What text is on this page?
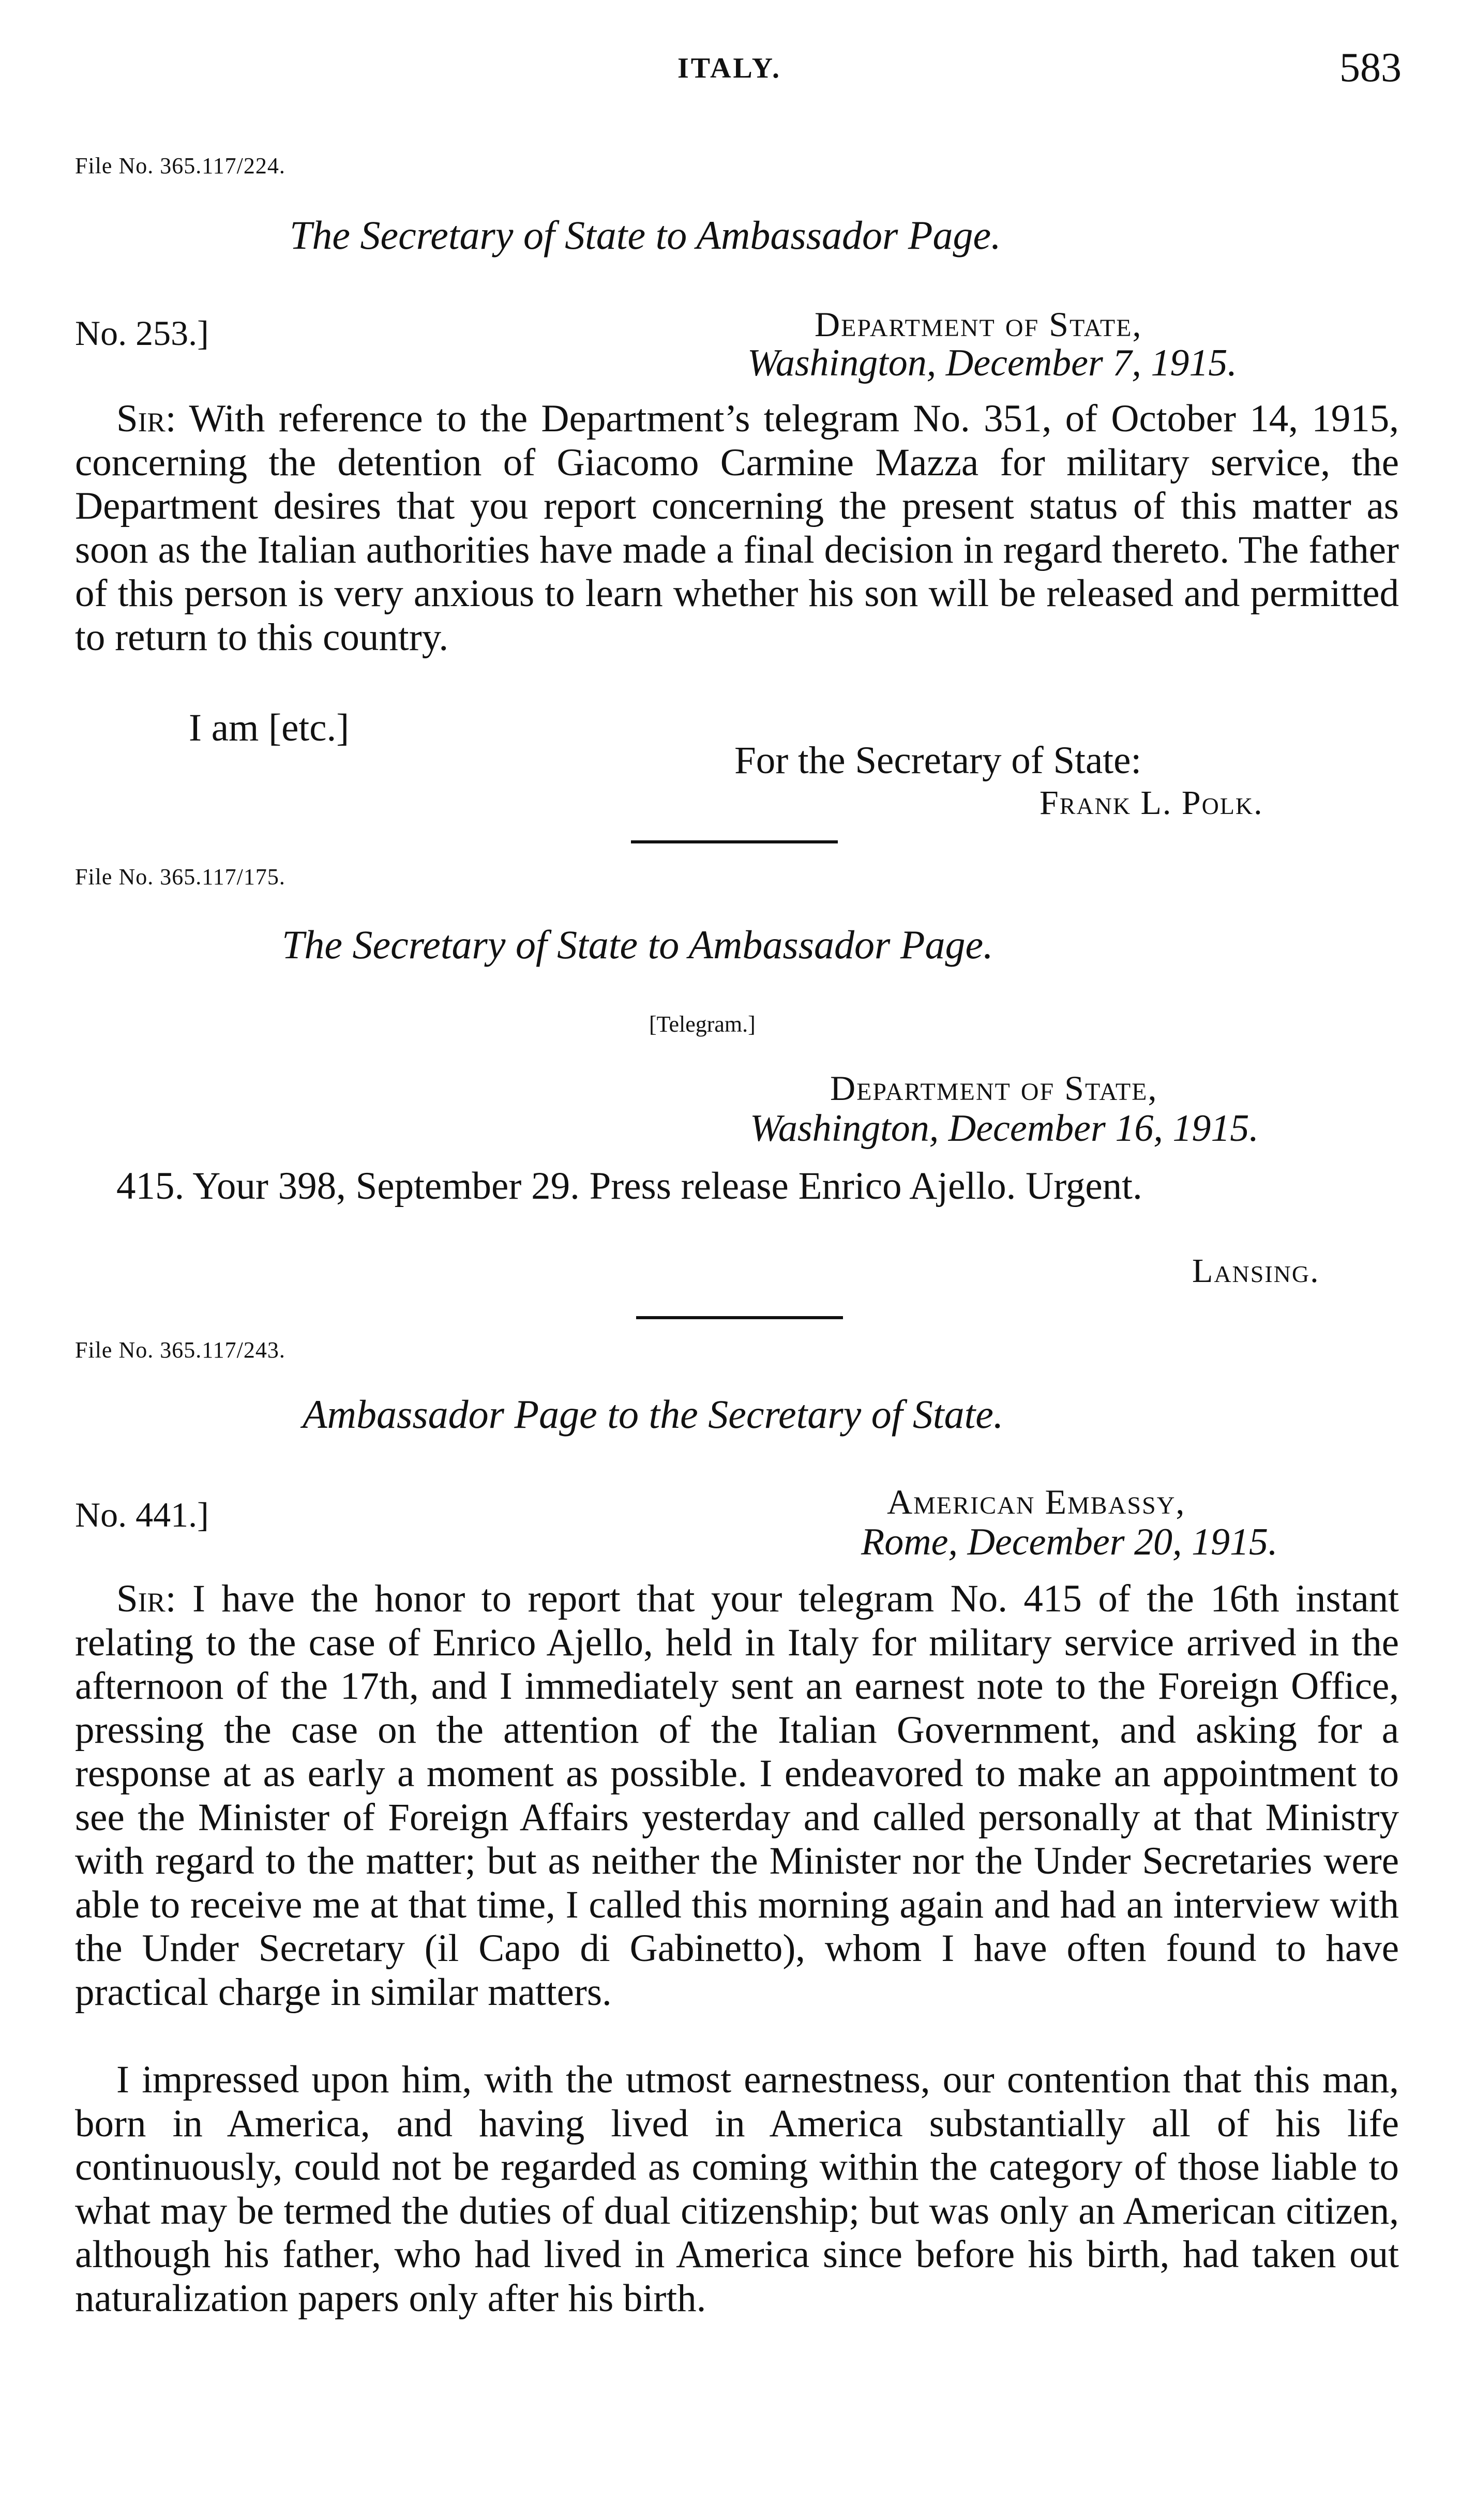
ITALY.	583
File No. 365.117/224.
The Secretary of State to Ambassador Page.
No. 253.]	Department of State,
Washington, December 7, 1915.

Sir: With reference to the Department’s telegram No. 351, of October 14, 1915, concerning the detention of Giacomo Carmine Mazza for military service, the Department desires that you report concerning the present status of this matter as soon as the Italian authorities have made a final decision in regard thereto. The father of this person is very anxious to learn whether his son will be released and permitted to return to this country.

I am [etc.]
For the Secretary of State:
Frank L. Polk.
File No. 365.117/175.
The Secretary of State to Ambassador Page.
[Telegram.]
Department of State,
Washington, December 16, 1915.

415. Your 398, September 29. Press release Enrico Ajello. Urgent.

Lansing.
File No. 365.117/243.
Ambassador Page to the Secretary of State.
No. 441.]	American Embassy,
Rome, December 20, 1915.

Sir: I have the honor to report that your telegram No. 415 of the 16th instant relating to the case of Enrico Ajello, held in Italy for military service arrived in the afternoon of the 17th, and I immediately sent an earnest note to the Foreign Office, pressing the case on the attention of the Italian Government, and asking for a response at as early a moment as possible. I endeavored to make an appointment to see the Minister of Foreign Affairs yesterday and called personally at that Ministry with regard to the matter; but as neither the Minister nor the Under Secretaries were able to receive me at that time, I called this morning again and had an interview with the Under Secretary (il Capo di Gabinetto), whom I have often found to have practical charge in similar matters.

I impressed upon him, with the utmost earnestness, our contention that this man, born in America, and having lived in America substantially all of his life continuously, could not be regarded as coming within the category of those liable to what may be termed the duties of dual citizenship; but was only an American citizen, although his father, who had lived in America since before his birth, had taken out naturalization papers only after his birth.
